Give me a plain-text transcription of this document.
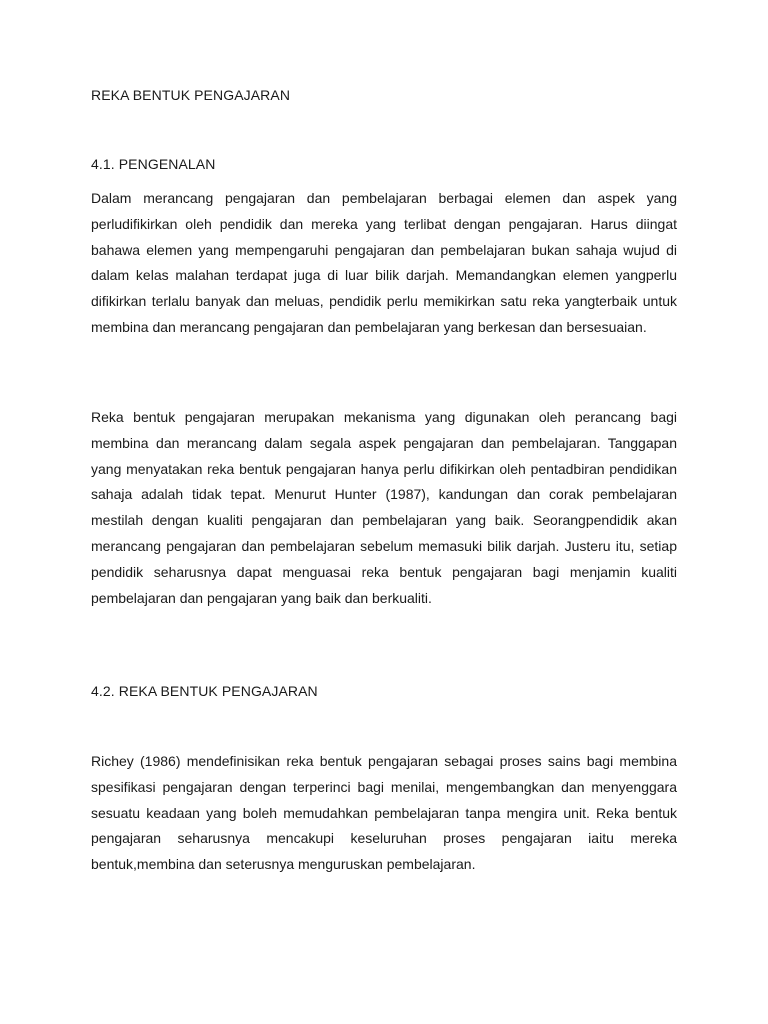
REKA BENTUK PENGAJARAN

4.1. PENGENALAN

Dalam merancang pengajaran dan pembelajaran berbagai elemen dan aspek yang perludifikirkan oleh pendidik dan mereka yang terlibat dengan pengajaran. Harus diingat bahawa elemen yang mempengaruhi pengajaran dan pembelajaran bukan sahaja wujud di dalam kelas malahan terdapat juga di luar bilik darjah. Memandangkan elemen yangperlu difikirkan terlalu banyak dan meluas, pendidik perlu memikirkan satu reka yangterbaik untuk membina dan merancang pengajaran dan pembelajaran yang berkesan dan bersesuaian.

Reka bentuk pengajaran merupakan mekanisma yang digunakan oleh perancang bagi membina dan merancang dalam segala aspek pengajaran dan pembelajaran. Tanggapan yang menyatakan reka bentuk pengajaran hanya perlu difikirkan oleh pentadbiran pendidikan sahaja adalah tidak tepat. Menurut Hunter (1987), kandungan dan corak pembelajaran mestilah dengan kualiti pengajaran dan pembelajaran yang baik. Seorangpendidik akan merancang pengajaran dan pembelajaran sebelum memasuki bilik darjah. Justeru itu, setiap pendidik seharusnya dapat menguasai reka bentuk pengajaran bagi menjamin kualiti pembelajaran dan pengajaran yang baik dan berkualiti.

4.2. REKA BENTUK PENGAJARAN

Richey (1986) mendefinisikan reka bentuk pengajaran sebagai proses sains bagi membina spesifikasi pengajaran dengan terperinci bagi menilai, mengembangkan dan menyenggara sesuatu keadaan yang boleh memudahkan pembelajaran tanpa mengira unit. Reka bentuk pengajaran seharusnya mencakupi keseluruhan proses pengajaran iaitu mereka bentuk,membina dan seterusnya menguruskan pembelajaran.
